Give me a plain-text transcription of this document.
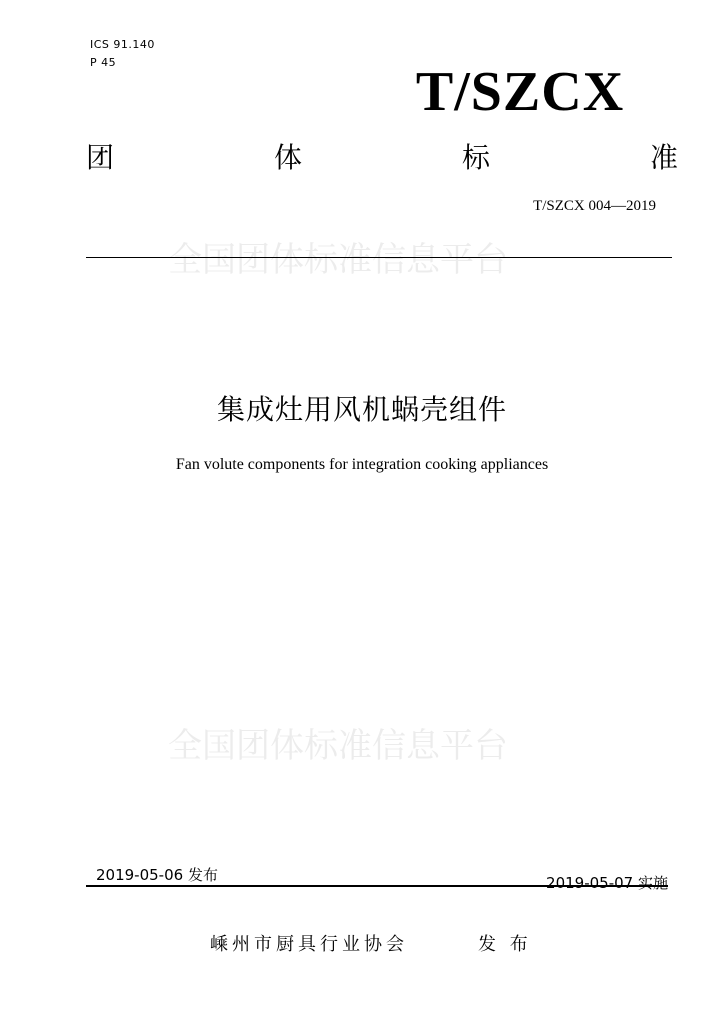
ICS 91.140
P 45	T/SZCX
团	体	标	准
T/SZCX 004—2019
全国团体标准信息平台
集成灶用风机蜗壳组件
Fan volute components for integration cooking appliances
全国团体标准信息平台
2019-05-06 发布	2019-05-07 实施
嵊州市厨具行业协会	发 布
